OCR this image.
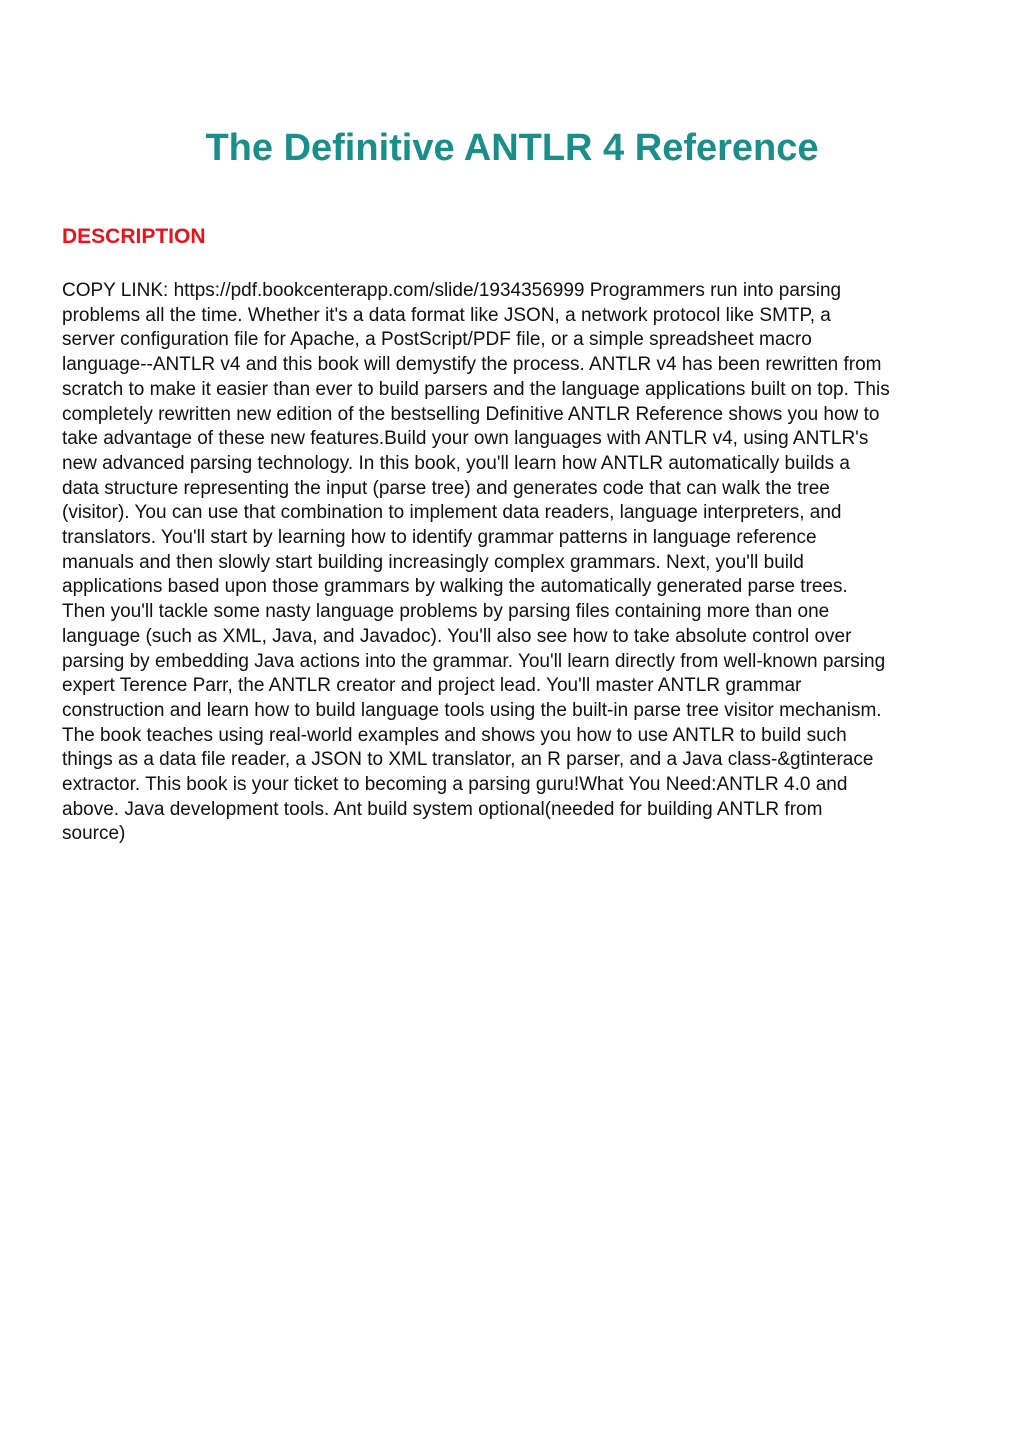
The Definitive ANTLR 4 Reference
DESCRIPTION

COPY LINK: https://pdf.bookcenterapp.com/slide/1934356999 Programmers run into parsing
problems all the time. Whether it's a data format like JSON, a network protocol like SMTP, a
server configuration file for Apache, a PostScript/PDF file, or a simple spreadsheet macro
language--ANTLR v4 and this book will demystify the process. ANTLR v4 has been rewritten from
scratch to make it easier than ever to build parsers and the language applications built on top. This
completely rewritten new edition of the bestselling Definitive ANTLR Reference shows you how to
take advantage of these new features.Build your own languages with ANTLR v4, using ANTLR's
new advanced parsing technology. In this book, you'll learn how ANTLR automatically builds a
data structure representing the input (parse tree) and generates code that can walk the tree
(visitor). You can use that combination to implement data readers, language interpreters, and
translators. You'll start by learning how to identify grammar patterns in language reference
manuals and then slowly start building increasingly complex grammars. Next, you'll build
applications based upon those grammars by walking the automatically generated parse trees.
Then you'll tackle some nasty language problems by parsing files containing more than one
language (such as XML, Java, and Javadoc). You'll also see how to take absolute control over
parsing by embedding Java actions into the grammar. You'll learn directly from well-known parsing
expert Terence Parr, the ANTLR creator and project lead. You'll master ANTLR grammar
construction and learn how to build language tools using the built-in parse tree visitor mechanism.
The book teaches using real-world examples and shows you how to use ANTLR to build such
things as a data file reader, a JSON to XML translator, an R parser, and a Java class-&gtinterace
extractor. This book is your ticket to becoming a parsing guru!What You Need:ANTLR 4.0 and
above. Java development tools. Ant build system optional(needed for building ANTLR from
source)
